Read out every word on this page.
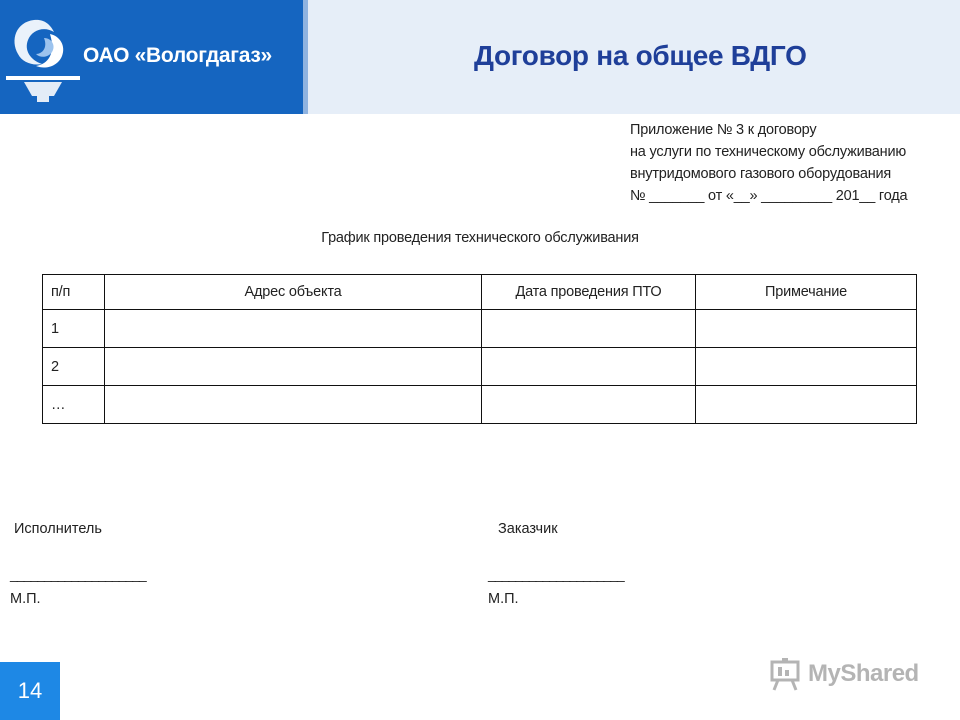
ОАО «Вологдагаз»	Договор на общее ВДГО
Приложение № 3 к договору
на услуги по техническому обслуживанию
внутридомового газового оборудования
№ _______ от «__» _________ 201__ года
График проведения технического обслуживания
п/п	Адрес объекта	Дата проведения ПТО	Примечание
1			
2			
…			
Исполнитель
____________________
М.П.
Заказчик
____________________
М.П.
14
MyShared
